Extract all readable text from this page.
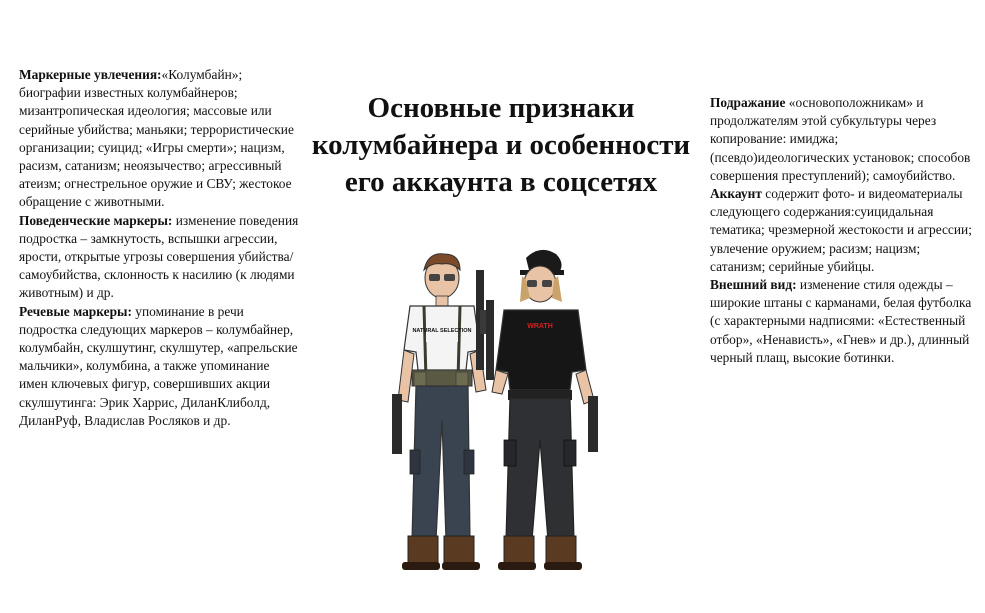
Маркерные увлечения:«Колумбайн»; биографии известных колумбайнеров; мизантропическая идеология; массовые или серийные убийства; маньяки; террористические организации; суицид; «Игры смерти»; нацизм, расизм, сатанизм; неоязычество; агрессивный атеизм; огнестрельное оружие и СВУ; жестокое обращение с животными.

Поведенческие маркеры: изменение поведения подростка – замкнутость, вспышки агрессии, ярости, открытые угрозы совершения убийства/самоубийства, склонность к насилию (к людями животным) и др.

Речевые маркеры: упоминание в речи подростка следующих маркеров – колумбайнер, колумбайн, скулшутинг, скулшутер, «апрельские мальчики», колумбина, а также упоминание имен ключевых фигур, совершивших акции скулшутинга: Эрик Харрис, ДиланКлиболд, ДиланРуф, Владислав Росляков и др.

Основные признаки колумбайнера и особенности его аккаунта в соцсетях
NATURAL SELECTION
WRATH

Подражание «основоположникам» и продолжателям этой субкультуры через копирование: имиджа; (псевдо)идеологических установок; способов совершения преступлений); самоубийство.

Аккаунт содержит фото- и видеоматериалы следующего содержания:суицидальная тематика; чрезмерной жестокости и агрессии; увлечение оружием; расизм; нацизм; сатанизм; серийные убийцы.

Внешний вид: изменение стиля одежды – широкие штаны с карманами, белая футболка (с характерными надписями: «Естественный отбор», «Ненависть», «Гнев» и др.), длинный черный плащ, высокие ботинки.
